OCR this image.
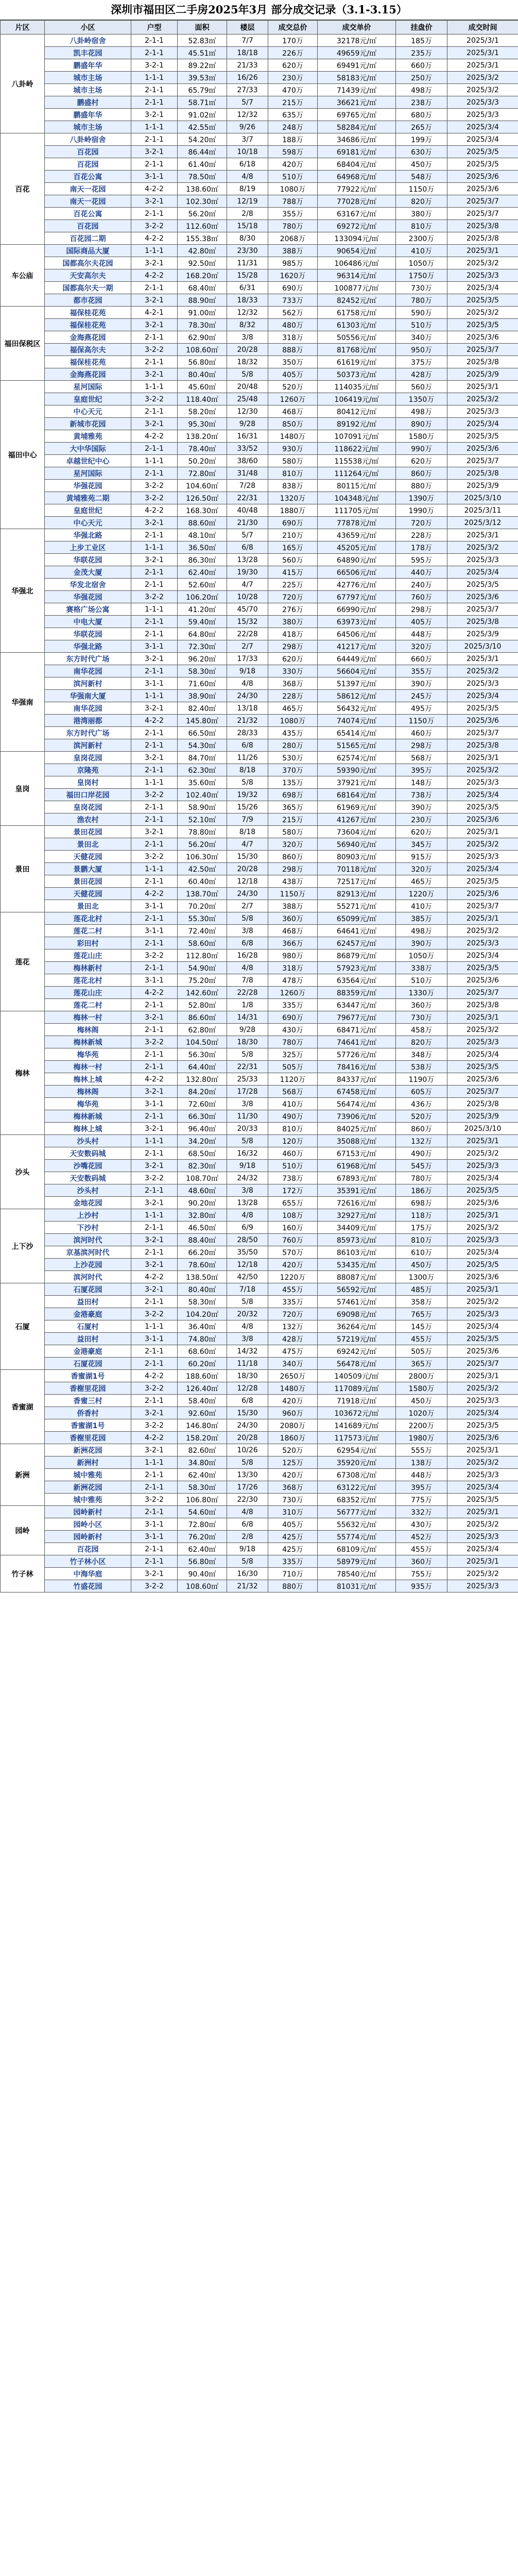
深圳市福田区二手房2025年3月 部分成交记录（3.1-3.15）
片区	小区	户型	面积	楼层	成交总价	成交单价	挂盘价	成交时间
八卦岭	八卦岭宿舍	2-1-1	52.83㎡	7/7	170万	32178元/㎡	185万	2025/3/1
	凯丰花园	2-1-1	45.51㎡	18/18	226万	49659元/㎡	235万	2025/3/1
	鹏盛年华	3-2-1	89.22㎡	21/33	620万	69491元/㎡	660万	2025/3/1
	城市主场	1-1-1	39.53㎡	16/26	230万	58183元/㎡	250万	2025/3/2
	城市主场	2-1-1	65.79㎡	27/33	470万	71439元/㎡	498万	2025/3/2
	鹏盛村	2-1-1	58.71㎡	5/7	215万	36621元/㎡	238万	2025/3/3
	鹏盛年华	3-2-1	91.02㎡	12/32	635万	69765元/㎡	680万	2025/3/3
	城市主场	1-1-1	42.55㎡	9/26	248万	58284元/㎡	265万	2025/3/4
百花	八卦岭宿舍	2-1-1	54.20㎡	3/7	188万	34686元/㎡	199万	2025/3/4
	百花园	3-2-1	86.44㎡	10/18	598万	69181元/㎡	630万	2025/3/5
	百花园	2-1-1	61.40㎡	6/18	420万	68404元/㎡	450万	2025/3/5
	百花公寓	3-1-1	78.50㎡	4/8	510万	64968元/㎡	548万	2025/3/6
	南天一花园	4-2-2	138.60㎡	8/19	1080万	77922元/㎡	1150万	2025/3/6
	南天一花园	3-2-1	102.30㎡	12/19	788万	77028元/㎡	820万	2025/3/7
	百花公寓	2-1-1	56.20㎡	2/8	355万	63167元/㎡	380万	2025/3/7
	百花园	3-2-2	112.60㎡	15/18	780万	69272元/㎡	810万	2025/3/8
	百花园二期	4-2-2	155.38㎡	8/30	2068万	133094元/㎡	2300万	2025/3/8
车公庙	国际商品大厦	1-1-1	42.80㎡	23/30	388万	90654元/㎡	410万	2025/3/1
	国都高尔夫花园	3-2-1	92.50㎡	11/31	985万	106486元/㎡	1050万	2025/3/2
	天安高尔夫	4-2-2	168.20㎡	15/28	1620万	96314元/㎡	1750万	2025/3/3
	国都高尔夫一期	2-1-1	68.40㎡	6/31	690万	100877元/㎡	730万	2025/3/4
	都市花园	3-2-1	88.90㎡	18/33	733万	82452元/㎡	780万	2025/3/5
福田保税区	福保桂花苑	4-2-1	91.00㎡	12/32	562万	61758元/㎡	590万	2025/3/2
	福保桂花苑	3-2-1	78.30㎡	8/32	480万	61303元/㎡	510万	2025/3/5
	金海燕花园	2-1-1	62.90㎡	3/8	318万	50556元/㎡	340万	2025/3/6
	福保高尔夫	3-2-2	108.60㎡	20/28	888万	81768元/㎡	950万	2025/3/7
	福保桂花苑	2-1-1	56.80㎡	18/32	350万	61619元/㎡	375万	2025/3/8
	金海燕花园	3-2-1	80.40㎡	5/8	405万	50373元/㎡	428万	2025/3/9
福田中心	星河国际	1-1-1	45.60㎡	20/48	520万	114035元/㎡	560万	2025/3/1
	皇庭世纪	3-2-2	118.40㎡	25/48	1260万	106419元/㎡	1350万	2025/3/2
	中心天元	2-1-1	58.20㎡	12/30	468万	80412元/㎡	498万	2025/3/3
	新城市花园	3-2-1	95.30㎡	9/28	850万	89192元/㎡	890万	2025/3/4
	黄埔雅苑	4-2-2	138.20㎡	16/31	1480万	107091元/㎡	1580万	2025/3/5
	大中华国际	2-1-1	78.40㎡	33/52	930万	118622元/㎡	990万	2025/3/6
	卓越世纪中心	1-1-1	50.20㎡	38/60	580万	115538元/㎡	620万	2025/3/7
	星河国际	2-1-1	72.80㎡	31/48	810万	111264元/㎡	860万	2025/3/8
	华强花园	3-2-2	104.60㎡	7/28	838万	80115元/㎡	880万	2025/3/9
	黄埔雅苑二期	3-2-2	126.50㎡	22/31	1320万	104348元/㎡	1390万	2025/3/10
	皇庭世纪	4-2-2	168.30㎡	40/48	1880万	111705元/㎡	1990万	2025/3/11
	中心天元	3-2-1	88.60㎡	21/30	690万	77878元/㎡	720万	2025/3/12
华强北	华强北路	2-1-1	48.10㎡	5/7	210万	43659元/㎡	228万	2025/3/1
	上步工业区	1-1-1	36.50㎡	6/8	165万	45205元/㎡	178万	2025/3/2
	华联花园	3-2-1	86.30㎡	13/28	560万	64890元/㎡	595万	2025/3/3
	金茂大厦	2-1-1	62.40㎡	19/30	415万	66506元/㎡	440万	2025/3/4
	华发北宿舍	2-1-1	52.60㎡	4/7	225万	42776元/㎡	240万	2025/3/5
	华强花园	3-2-2	106.20㎡	10/28	720万	67797元/㎡	760万	2025/3/6
	赛格广场公寓	1-1-1	41.20㎡	45/70	276万	66990元/㎡	298万	2025/3/7
	中电大厦	2-1-1	59.40㎡	15/32	380万	63973元/㎡	405万	2025/3/8
	华联花园	2-1-1	64.80㎡	22/28	418万	64506元/㎡	448万	2025/3/9
	华强北路	3-1-1	72.30㎡	2/7	298万	41217元/㎡	320万	2025/3/10
华强南	东方时代广场	3-2-1	96.20㎡	17/33	620万	64449元/㎡	660万	2025/3/1
	南华花园	2-1-1	58.30㎡	9/18	330万	56604元/㎡	355万	2025/3/2
	滨河新村	3-1-1	71.60㎡	4/8	368万	51397元/㎡	390万	2025/3/3
	华强南大厦	1-1-1	38.90㎡	24/30	228万	58612元/㎡	245万	2025/3/4
	南华花园	3-2-1	82.40㎡	13/18	465万	56432元/㎡	495万	2025/3/5
	港湾丽都	4-2-2	145.80㎡	21/32	1080万	74074元/㎡	1150万	2025/3/6
	东方时代广场	2-1-1	66.50㎡	28/33	435万	65414元/㎡	460万	2025/3/7
	滨河新村	2-1-1	54.30㎡	6/8	280万	51565元/㎡	298万	2025/3/8
皇岗	皇岗花园	3-2-1	84.70㎡	11/26	530万	62574元/㎡	568万	2025/3/1
	京隆苑	2-1-1	62.30㎡	8/18	370万	59390元/㎡	395万	2025/3/2
	皇岗村	1-1-1	35.60㎡	5/8	135万	37921元/㎡	148万	2025/3/3
	福田口岸花园	3-2-2	102.40㎡	19/32	698万	68164元/㎡	738万	2025/3/4
	皇岗花园	2-1-1	58.90㎡	15/26	365万	61969元/㎡	390万	2025/3/5
	渔农村	2-1-1	52.10㎡	7/9	215万	41267元/㎡	230万	2025/3/6
景田	景田花园	3-2-1	78.80㎡	8/18	580万	73604元/㎡	620万	2025/3/1
	景田北	2-1-1	56.20㎡	4/7	320万	56940元/㎡	345万	2025/3/2
	天健花园	3-2-2	106.30㎡	15/30	860万	80903元/㎡	915万	2025/3/3
	景鹏大厦	1-1-1	42.50㎡	20/28	298万	70118元/㎡	320万	2025/3/4
	景田花园	2-1-1	60.40㎡	12/18	438万	72517元/㎡	465万	2025/3/5
	天健花园	4-2-2	138.70㎡	24/30	1150万	82913元/㎡	1220万	2025/3/6
	景田北	3-1-1	70.20㎡	2/7	388万	55271元/㎡	410万	2025/3/7
莲花	莲花北村	2-1-1	55.30㎡	5/8	360万	65099元/㎡	385万	2025/3/1
	莲花二村	3-1-1	72.40㎡	3/8	468万	64641元/㎡	498万	2025/3/2
	彩田村	2-1-1	58.60㎡	6/8	366万	62457元/㎡	390万	2025/3/3
	莲花山庄	3-2-2	112.80㎡	16/28	980万	86879元/㎡	1050万	2025/3/4
	梅林新村	2-1-1	54.90㎡	4/8	318万	57923元/㎡	338万	2025/3/5
	莲花北村	3-1-1	75.20㎡	7/8	478万	63564元/㎡	510万	2025/3/6
	莲花山庄	4-2-2	142.60㎡	22/28	1260万	88359元/㎡	1330万	2025/3/7
	莲花二村	2-1-1	52.80㎡	1/8	335万	63447元/㎡	360万	2025/3/8
梅林	梅林一村	3-2-1	86.60㎡	14/31	690万	79677元/㎡	730万	2025/3/1
	梅林阁	2-1-1	62.80㎡	9/28	430万	68471元/㎡	458万	2025/3/2
	梅林新城	3-2-2	104.50㎡	18/30	780万	74641元/㎡	820万	2025/3/3
	梅华苑	2-1-1	56.30㎡	5/8	325万	57726元/㎡	348万	2025/3/4
	梅林一村	2-1-1	64.40㎡	22/31	505万	78416元/㎡	538万	2025/3/5
	梅林上城	4-2-2	132.80㎡	25/33	1120万	84337元/㎡	1190万	2025/3/6
	梅林阁	3-2-1	84.20㎡	17/28	568万	67458元/㎡	605万	2025/3/7
	梅华苑	3-1-1	72.60㎡	3/8	410万	56474元/㎡	436万	2025/3/8
	梅林新城	2-1-1	66.30㎡	11/30	490万	73906元/㎡	520万	2025/3/9
	梅林上城	3-2-1	96.40㎡	20/33	810万	84025元/㎡	860万	2025/3/10
沙头	沙头村	1-1-1	34.20㎡	5/8	120万	35088元/㎡	132万	2025/3/1
	天安数码城	2-1-1	68.50㎡	16/32	460万	67153元/㎡	490万	2025/3/2
	沙嘴花园	3-2-1	82.30㎡	9/18	510万	61968元/㎡	545万	2025/3/3
	天安数码城	3-2-2	108.70㎡	24/32	738万	67893元/㎡	780万	2025/3/4
	沙头村	2-1-1	48.60㎡	3/8	172万	35391元/㎡	186万	2025/3/5
	金地花园	3-2-1	90.20㎡	13/28	655万	72616元/㎡	698万	2025/3/6
上下沙	上沙村	1-1-1	32.80㎡	4/8	108万	32927元/㎡	118万	2025/3/1
	下沙村	2-1-1	46.50㎡	6/9	160万	34409元/㎡	175万	2025/3/2
	滨河时代	3-2-1	88.40㎡	28/50	760万	85973元/㎡	810万	2025/3/3
	京基滨河时代	2-1-1	66.20㎡	35/50	570万	86103元/㎡	610万	2025/3/4
	上沙花园	3-2-1	78.60㎡	12/18	420万	53435元/㎡	450万	2025/3/5
	滨河时代	4-2-2	138.50㎡	42/50	1220万	88087元/㎡	1300万	2025/3/6
石厦	石厦花园	3-2-1	80.40㎡	7/18	455万	56592元/㎡	485万	2025/3/1
	益田村	2-1-1	58.30㎡	5/8	335万	57461元/㎡	358万	2025/3/2
	金港豪庭	3-2-2	104.20㎡	20/32	720万	69098元/㎡	765万	2025/3/3
	石厦村	1-1-1	36.40㎡	4/8	132万	36264元/㎡	145万	2025/3/4
	益田村	3-1-1	74.80㎡	3/8	428万	57219元/㎡	455万	2025/3/5
	金港豪庭	2-1-1	68.60㎡	14/32	475万	69242元/㎡	505万	2025/3/6
	石厦花园	2-1-1	60.20㎡	11/18	340万	56478元/㎡	365万	2025/3/7
香蜜湖	香蜜湖1号	4-2-2	188.60㎡	18/30	2650万	140509元/㎡	2800万	2025/3/1
	香榭里花园	3-2-2	126.40㎡	12/28	1480万	117089元/㎡	1580万	2025/3/2
	香蜜三村	2-1-1	58.40㎡	6/8	420万	71918元/㎡	450万	2025/3/3
	侨香村	3-2-1	92.60㎡	15/30	960万	103672元/㎡	1020万	2025/3/4
	香蜜湖1号	3-2-2	146.80㎡	24/30	2080万	141689元/㎡	2200万	2025/3/5
	香榭里花园	4-2-2	158.20㎡	20/28	1860万	117573元/㎡	1980万	2025/3/6
新洲	新洲花园	3-2-1	82.60㎡	10/26	520万	62954元/㎡	555万	2025/3/1
	新洲村	1-1-1	34.80㎡	5/8	125万	35920元/㎡	138万	2025/3/2
	城中雅苑	2-1-1	62.40㎡	13/30	420万	67308元/㎡	448万	2025/3/3
	新洲花园	2-1-1	58.30㎡	17/26	368万	63122元/㎡	395万	2025/3/4
	城中雅苑	3-2-2	106.80㎡	22/30	730万	68352元/㎡	775万	2025/3/5
园岭	园岭新村	2-1-1	54.60㎡	4/8	310万	56777元/㎡	332万	2025/3/1
	园岭小区	3-1-1	72.80㎡	6/8	405万	55632元/㎡	430万	2025/3/2
	园岭新村	3-1-1	76.20㎡	2/8	425万	55774元/㎡	452万	2025/3/3
	百花园	2-1-1	62.40㎡	9/18	425万	68109元/㎡	455万	2025/3/4
竹子林	竹子林小区	2-1-1	56.80㎡	5/8	335万	58979元/㎡	360万	2025/3/1
	中海华庭	3-2-1	90.40㎡	16/30	710万	78540元/㎡	755万	2025/3/2
	竹盛花园	3-2-2	108.60㎡	21/32	880万	81031元/㎡	935万	2025/3/3
